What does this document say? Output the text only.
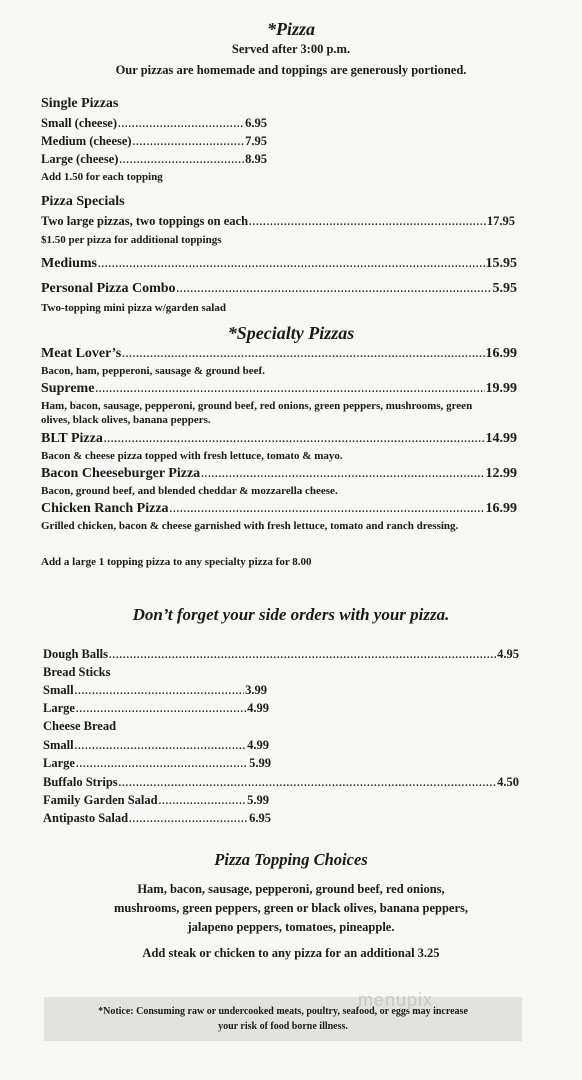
*Pizza
Served after 3:00 p.m.
Our pizzas are homemade and toppings are generously portioned.
Single Pizzas
Small (cheese) .....	6.95
Medium (cheese) .....	7.95
Large (cheese) .....	8.95
Add 1.50 for each topping
Pizza Specials
Two large pizzas, two toppings on each .....	17.95
$1.50 per pizza for additional toppings
Mediums .....	15.95
Personal Pizza Combo .....	5.95
Two-topping mini pizza w/garden salad
*Specialty Pizzas
Meat Lover’s .....	16.99
Bacon, ham, pepperoni, sausage & ground beef.
Supreme .....	19.99
Ham, bacon, sausage, pepperoni, ground beef, red onions, green peppers, mushrooms, green olives, black olives, banana peppers.
BLT Pizza .....	14.99
Bacon & cheese pizza topped with fresh lettuce, tomato & mayo.
Bacon Cheeseburger Pizza .....	12.99
Bacon, ground beef, and blended cheddar & mozzarella cheese.
Chicken Ranch Pizza .....	16.99
Grilled chicken, bacon & cheese garnished with fresh lettuce, tomato and ranch dressing.
Add a large 1 topping pizza to any specialty pizza for 8.00
Don’t forget your side orders with your pizza.
Dough Balls .....	4.95
Bread Sticks
Small .....	3.99
Large .....	4.99
Cheese Bread
Small .....	4.99
Large .....	5.99
Buffalo Strips .....	4.50
Family Garden Salad .....	5.99
Antipasto Salad .....	6.95
Pizza Topping Choices
Ham, bacon, sausage, pepperoni, ground beef, red onions,
mushrooms, green peppers, green or black olives, banana peppers,
jalapeno peppers, tomatoes, pineapple.
Add steak or chicken to any pizza for an additional 3.25
*Notice: Consuming raw or undercooked meats, poultry, seafood, or eggs may increase
your risk of food borne illness.
menupix
